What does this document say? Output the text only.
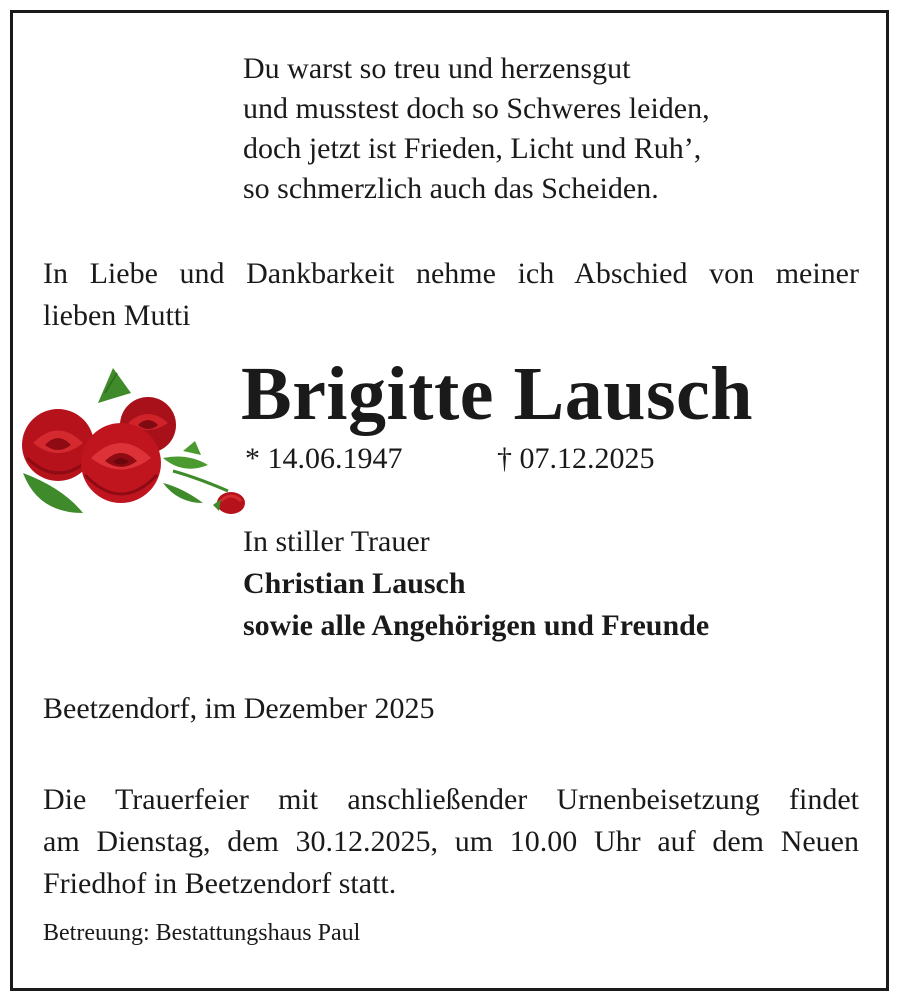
Du warst so treu und herzensgut
und musstest doch so Schweres leiden,
doch jetzt ist Frieden, Licht und Ruh’,
so schmerzlich auch das Scheiden.
In Liebe und Dankbarkeit nehme ich Abschied von meiner
lieben Mutti
Brigitte Lausch
* 14.06.1947	† 07.12.2025
In stiller Trauer
Christian Lausch
sowie alle Angehörigen und Freunde
Beetzendorf, im Dezember 2025
Die Trauerfeier mit anschließender Urnenbeisetzung findet
am Dienstag, dem 30.12.2025, um 10.00 Uhr auf dem Neuen
Friedhof in Beetzendorf statt.
Betreuung: Bestattungshaus Paul
